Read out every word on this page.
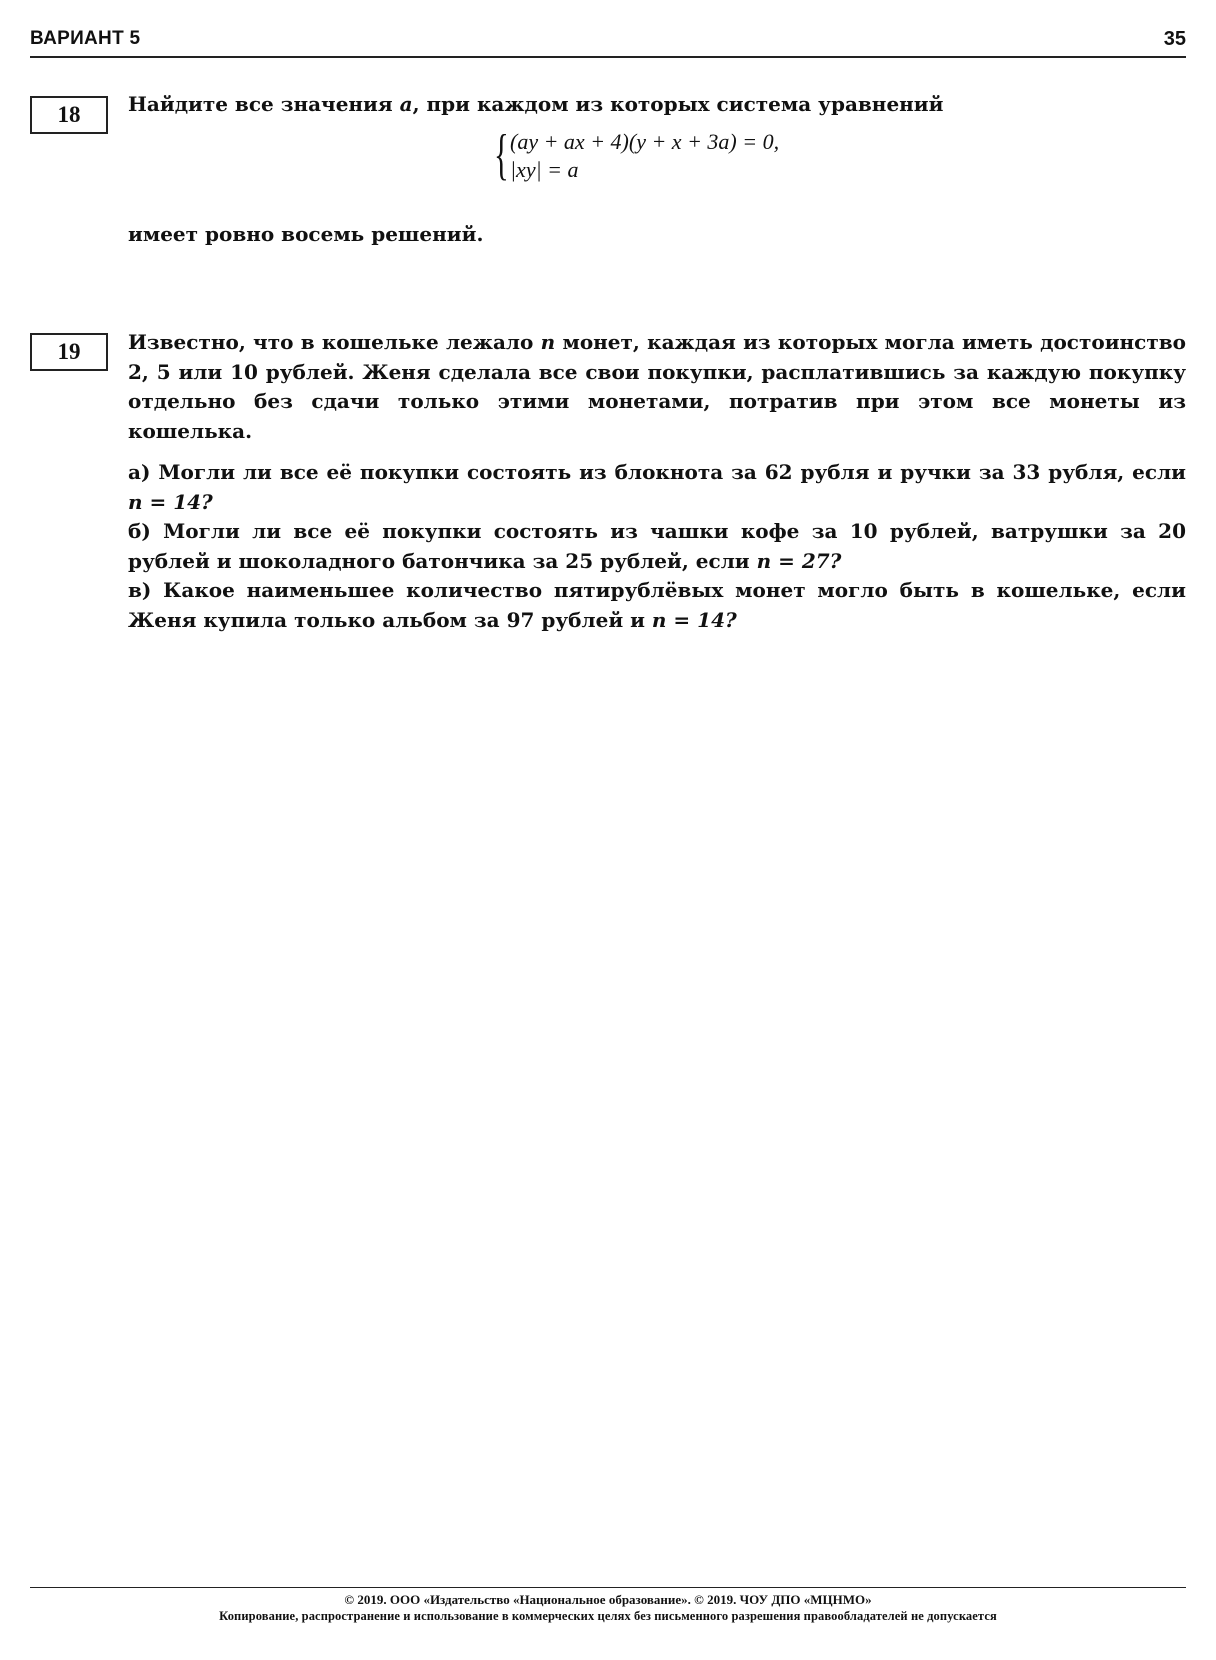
ВАРИАНТ 5	35
18	Найдите все значения a, при каждом из которых система уравнений

{ (ay + ax + 4)(y + x + 3a) = 0,
|xy| = a

имеет ровно восемь решений.

19	Известно, что в кошельке лежало n монет, каждая из которых могла иметь достоинство 2, 5 или 10 рублей. Женя сделала все свои покупки, расплатившись за каждую покупку отдельно без сдачи только этими монетами, потратив при этом все монеты из кошелька.

а) Могли ли все её покупки состоять из блокнота за 62 рубля и ручки за 33 рубля, если n = 14?

б) Могли ли все её покупки состоять из чашки кофе за 10 рублей, ватрушки за 20 рублей и шоколадного батончика за 25 рублей, если n = 27?

в) Какое наименьшее количество пятирублёвых монет могло быть в кошельке, если Женя купила только альбом за 97 рублей и n = 14?

© 2019. ООО «Издательство «Национальное образование». © 2019. ЧОУ ДПО «МЦНМО»
Копирование, распространение и использование в коммерческих целях без письменного разрешения правообладателей не допускается
